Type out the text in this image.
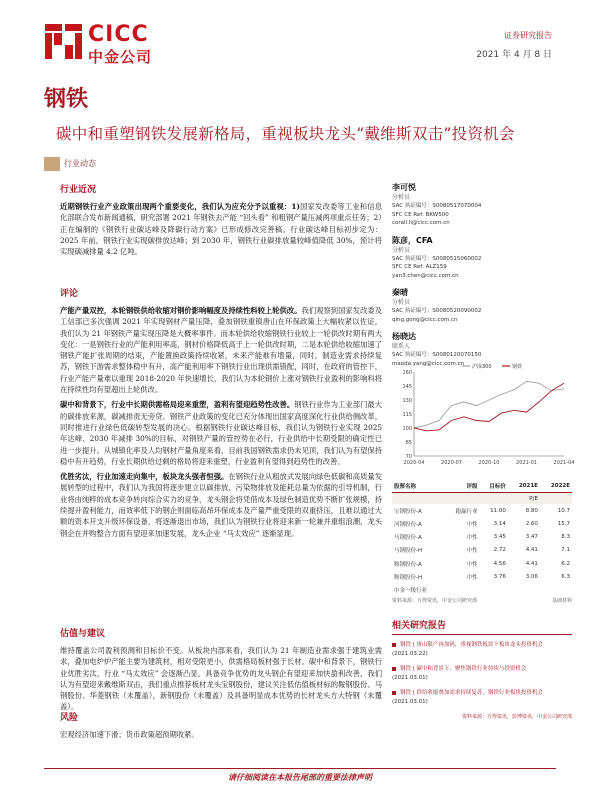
CICC
中金公司
证券研究报告
2021 年 4 月 8 日
钢铁
碳中和重塑钢铁发展新格局，重视板块龙头“戴维斯双击”投资机会
行业动态
行业近况

近期钢铁行业产业政策出现两个重要变化，我们认为应充分予以重视：1)国家发改委等工业和信息化部联合发布新闻通稿，研究部署 2021 年钢铁去产能 “回头看” 和粗钢产量压减两项重点任务；2）正在编制的《钢铁行业碳达峰及降碳行动方案》已形成修改完善稿。行业碳达峰目标初步定为：2025 年前，钢铁行业实现碳排放达峰；到 2030 年，钢铁行业碳排放量较峰值降低 30%，预计将实现碳减排量 4.2 亿吨。

评论

产能产量双控，本轮钢铁供给收缩对钢价影响幅度及持续性料较上轮供改。我们观察到国家发改委及工信部已多次强调 2021 年实现钢材产量压降，叠加钢铁重镇唐山在环保政策上大幅收紧以佐证，我们认为 21 年钢铁产量实现压降是大概率事件。而本轮供给收缩钢铁行业较上一轮供改时期有两大变化：一是钢铁行业的产能利用率高，钢材价格降低高于上一轮供改时期，二是本轮供给收缩加速了钢铁产能扩张周期的结束，产能置换政策持续收紧，未来产能难有增量，同时，制造业需求持续复苏，钢铁下游需求整体稳中有升，高产能利用率下钢铁行业出现供需错配，同时，在政府的管控下，行业产能产量难以重现 2018-2020 年快速增长，我们认为本轮钢价上涨对钢铁行业盈利的影响料将在持续性均有望超出上轮供改。

碳中和背景下，行业中长期供需格局迎来重塑，盈利有望迎趋势性改善。钢铁行业作为工业部门最大的碳排放来源，碳减排责无旁贷。钢铁产业政策的变化已充分体现出国家高度深化行业供给侧改革，同时推进行业绿色低碳转型发展的决心。根据钢铁行业碳达峰目标，我们认为钢铁行业实现 2025 年达峰、2030 年减排 30%的目标，对钢铁产量的管控势在必行，行业供给中长期受限的确定性已进一步提升。从城镇化率及人均钢材产量角度来看，目前我国钢铁需求仍未见顶，我们认为有望保持稳中有升趋势，行业长期供给过剩的格局将迎来重塑，行业盈利有望得到趋势性的改善。

优胜劣汰，行业加速走向集中，板块龙头强者恒强。在钢铁行业从粗放式发展向绿色低碳和高质量发展转型的过程中，我们认为我国将逐步建立以碳排放、污染物排放及能耗总量为依据的引导机制，行业将由纯粹的成本竞争转向综合实力的竞争，龙头钢企将凭借成本及绿色制造优势不断扩张规模，持续提升盈利能力，而效率低下的钢企则面临高昂环保成本及产量严重受限的双重挤压，且难以通过大额的资本开支升级环保设备，将逐渐退出市场，我们认为钢铁行业将迎来新一轮兼并重组浪潮，龙头钢企在并购整合方面有望迎来加速发展，龙头企业 “马太效应” 逐渐显现。

估值与建议

维持覆盖公司盈利预测和目标价不变。从板块内部来看，我们认为 21 年制造业需求强于建筑业需求，叠加电炉炉产能主要为建筑材，相对受限更小，供需格局板材强于长材。碳中和背景下，钢铁行业优胜劣汰，行业 “马太效应” 会逐渐凸显，具备竞争优势的龙头钢企有望迎来加快盈利改善，我们认为有望迎来戴维斯双击，我们重点推荐板材龙头宝钢股份，建议关注低估值板材标的鞍钢股份、马钢股份、华菱钢铁（未覆盖），新钢股份（未覆盖）及具备明显成本优势的长材龙头方大特钢（未覆盖）。

风险

宏观经济加速下滑；货币政策超预期收紧。

李可悦
分析员
SAC 执证编号：S0080517070004
SFC CE Ref: BKW500
corall.li@cicc.com.cn
陈彦，CFA
分析员
SAC 执证编号：S0080515060002
SFC CE Ref: ALZ159
yan3.chen@cicc.com.cn
秦晴
分析员
SAC 执证编号：S0080520090002
qing.gong@cicc.com.cn
杨晓达
联系人
SAC 执证编号：S0080120070150
maoda.yang@cicc.com.cn
70
85
100
115
130
145
160
2020-04	2020-07	2020-10	2021-01	2021-04
沪深300	钢铁
股票名称	评级	目标价	2021E	2022E
			P/E	
宝钢股份-A	跑赢行业	11.00	8.80	10.7
河钢股份-A	中性	3.14	2.60	15.7
马钢股份-A	中性	3.45	3.47	8.3
马钢股份-H	中性	2.72	4.41	7.1
鞍钢股份-A	中性	4.56	4.41	6.2
鞍钢股份-H	中性	3.76	3.06	6.3
中金一级行业				
资料来源：万得资讯，中金公司研究部	基础材料
相关研究报告
钢铁 | 唐山限产再加码，重视钢铁板块下板块龙头投资机会
(2021.03.22)
钢铁 | 碳中和背景下，聚焦钢铁行业持续与投资机会
(2021.03.01)
钢铁 | 供给收缩叠加需求持续复苏，钢铁行业板块投资机会
(2021.03.01)
资料来源：万得资讯，彭博资讯，中金公司研究部
请仔细阅读在本报告尾部的重要法律声明
